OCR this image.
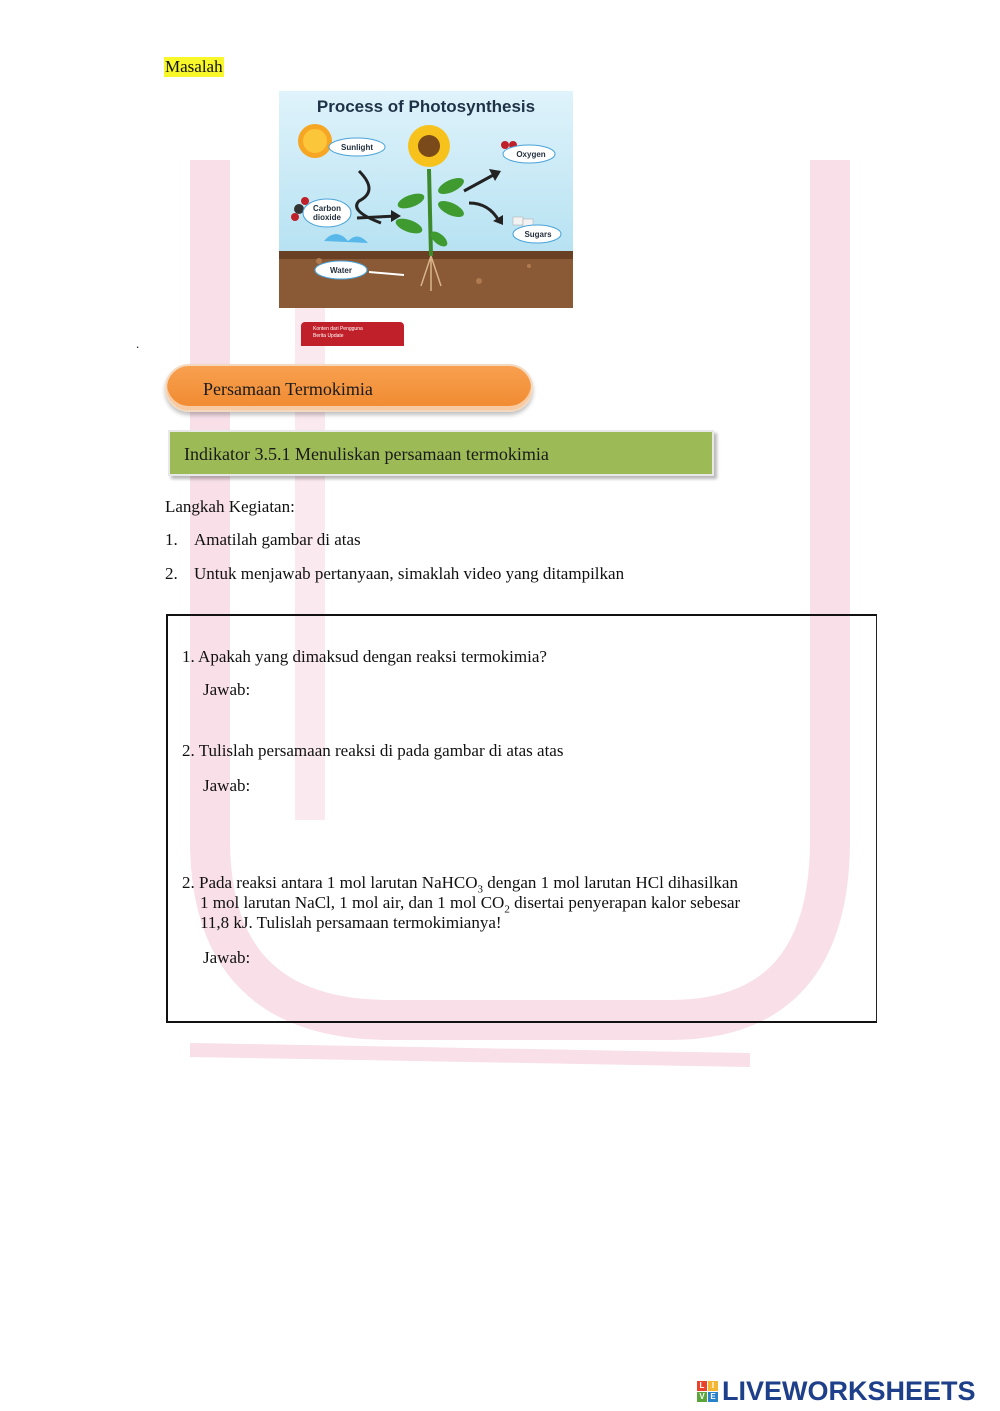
Masalah
Process of Photosynthesis
Sunlight
Oxygen
Carbon
dioxide
Sugars
Water
Konten dari Pengguna
Berita Update
.
Persamaan Termokimia
Indikator 3.5.1 Menuliskan persamaan termokimia
Langkah Kegiatan:
1. Amatilah gambar di atas
2. Untuk menjawab pertanyaan, simaklah video yang ditampilkan
1. Apakah yang dimaksud dengan reaksi termokimia?
Jawab:
2. Tulislah persamaan reaksi di pada gambar di atas atas
Jawab:
2. Pada reaksi antara 1 mol larutan NaHCO$_3$ dengan 1 mol larutan HCl dihasilkan
1 mol larutan NaCl, 1 mol air, dan 1 mol $CO_2$ disertai penyerapan kalor sebesar
11,8 kJ. Tulislah persamaan termokimianya!
Jawab:
L I
V E LIVEWORKSHEETS
